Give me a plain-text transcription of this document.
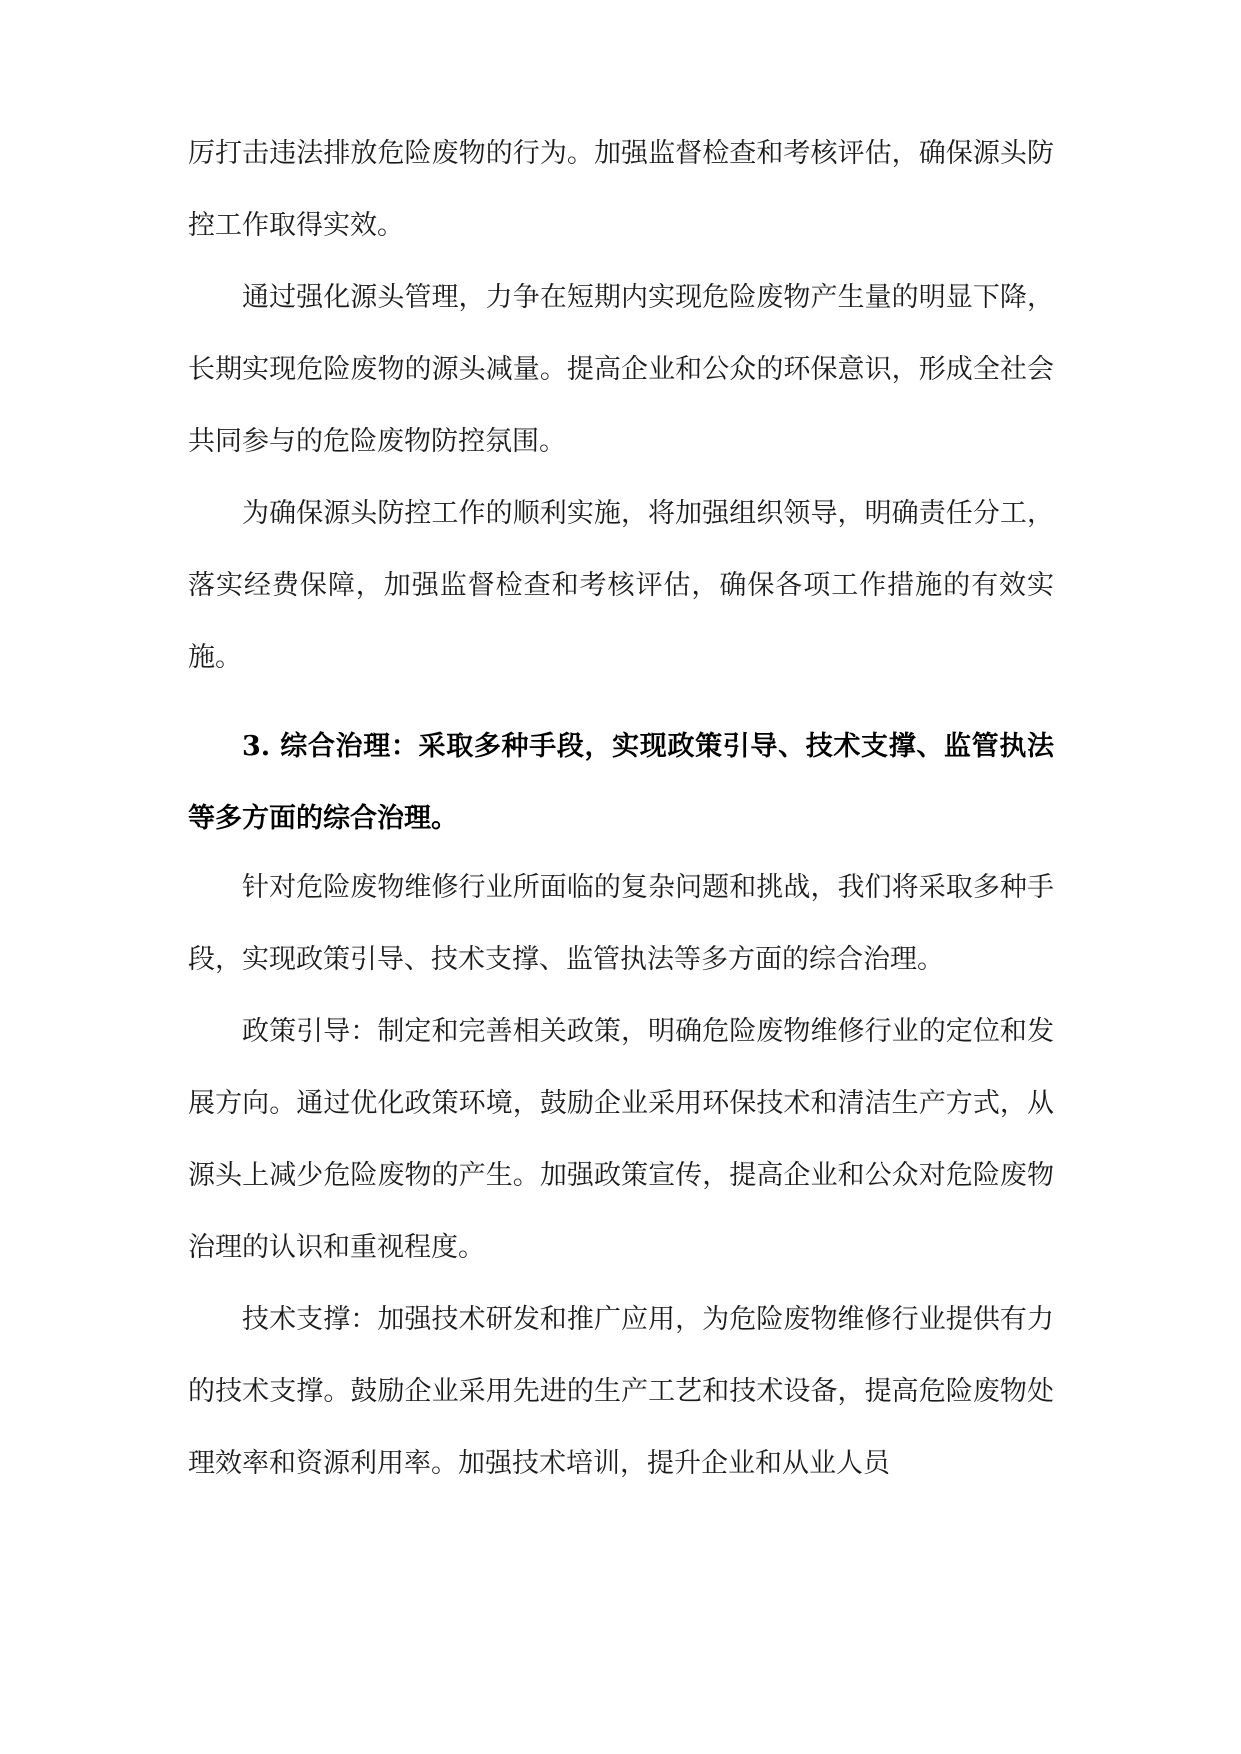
厉打击违法排放危险废物的行为。加强监督检查和考核评估，确保源头防控工作取得实效。

通过强化源头管理，力争在短期内实现危险废物产生量的明显下降，长期实现危险废物的源头减量。提高企业和公众的环保意识，形成全社会共同参与的危险废物防控氛围。

为确保源头防控工作的顺利实施，将加强组织领导，明确责任分工，落实经费保障，加强监督检查和考核评估，确保各项工作措施的有效实施。

3. 综合治理：采取多种手段，实现政策引导、技术支撑、监管执法等多方面的综合治理。

针对危险废物维修行业所面临的复杂问题和挑战，我们将采取多种手段，实现政策引导、技术支撑、监管执法等多方面的综合治理。

政策引导：制定和完善相关政策，明确危险废物维修行业的定位和发展方向。通过优化政策环境，鼓励企业采用环保技术和清洁生产方式，从源头上减少危险废物的产生。加强政策宣传，提高企业和公众对危险废物治理的认识和重视程度。

技术支撑：加强技术研发和推广应用，为危险废物维修行业提供有力的技术支撑。鼓励企业采用先进的生产工艺和技术设备，提高危险废物处理效率和资源利用率。加强技术培训，提升企业和从业人员
